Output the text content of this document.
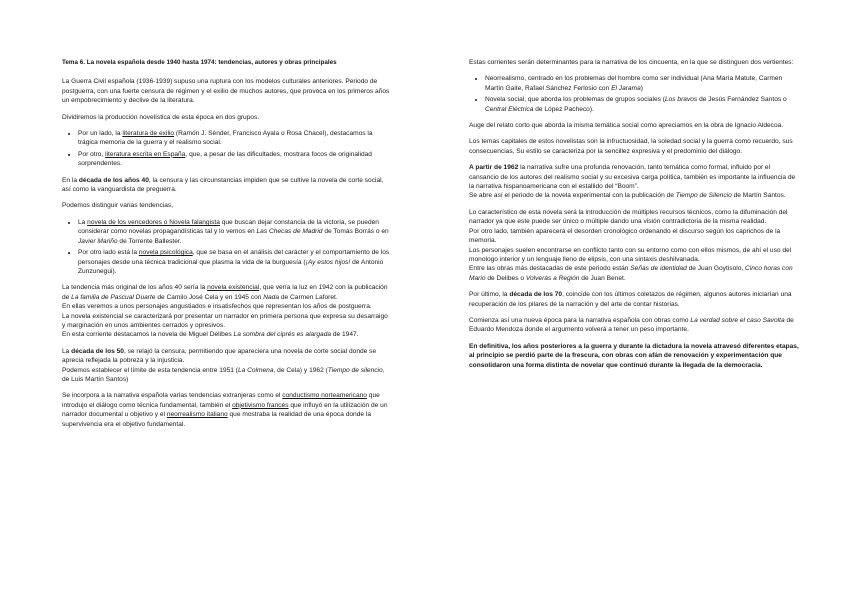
Tema 6. La novela española desde 1940 hasta 1974: tendencias, autores y obras principales

La Guerra Civil española (1936-1939) supuso una ruptura con los modelos culturales anteriores. Periodo de postguerra, con una fuerte censura de régimen y el exilio de muchos autores, que provoca en los primeros años un empobrecimiento y declive de la literatura.

Dividiremos la producción novelística de esta época en dos grupos.

• Por un lado, la literatura de exilio (Ramón J. Sénder, Francisco Ayala o Rosa Chacel), destacamos la trágica memoria de la guerra y el realismo social.
• Por otro, literatura escrita en España, que, a pesar de las dificultades, mostrara focos de originalidad sorprendentes.

En la década de los años 40, la censura y las circunstancias impiden que se cultive la novela de corte social, así como la vanguardista de preguerra.

Podemos distinguir varias tendencias,

• La novela de los vencedores o Novela falangista que buscan dejar constancia de la victoria, se pueden considerar como novelas propagandísticas tal y lo vemos en Las Checas de Madrid de Tomás Borrás o en Javier Mariño de Torrente Ballester.
• Por otro lado está la novela psicológica, que se basa en el análisis del carácter y el comportamiento de los personajes desde una técnica tradicional que plasma la vida de la burguesía (¡Ay estos hijos! de Antonio Zunzunegui).

La tendencia más original de los años 40 sería la novela existencial, que vería la luz en 1942 con la publicación de La familia de Pascual Duarte de Camilo José Cela y en 1945 con Nada de Carmen Laforet.

En ellas veremos a unos personajes angustiados e insatisfechos que representan los años de postguerra.

La novela existencial se caracterizará por presentar un narrador en primera persona que expresa su desarraigo y marginación en unos ambientes cerrados y opresivos.

En esta corriente destacamos la novela de Miguel Delibes La sombra del ciprés es alargada de 1947.

La década de los 50, se relajó la censura, permitiendo que apareciera una novela de corte social donde se aprecia reflejada la pobreza y la injusticia.

Podemos establecer el límite de esta tendencia entre 1951 (La Colmena, de Cela) y 1962 (Tiempo de silencio, de Luis Martín Santos)

Se incorpora a la narrativa española varias tendencias extranjeras como el conductismo norteamericano que introdujo el diálogo como técnica fundamental, también el objetivismo francés que influyó en la utilización de un narrador documental u objetivo y el neorrealismo italiano que mostraba la realidad de una época donde la supervivencia era el objetivo fundamental.

Estas corrientes serán determinantes para la narrativa de los cincuenta, en la que se distinguen dos vertientes:

• Neorrealismo, centrado en los problemas del hombre como ser individual (Ana María Matute, Carmen Martín Gaite, Rafael Sánchez Ferlosio con El Jarama)
• Novela social, que aborda los problemas de grupos sociales (Los bravos de Jesús Fernández Santos o Central Eléctrica de López Pacheco).

Auge del relato corto que aborda la misma temática social como apreciamos en la obra de Ignacio Aldecoa.

Los temas capitales de estos novelistas son la infructuosidad, la soledad social y la guerra como recuerdo, sus consecuencias, Su estilo se caracteriza por la sencillez expresiva y el predominio del diálogo.

A partir de 1962 la narrativa sufre una profunda renovación, tanto temática como formal, influido por el cansancio de los autores del realismo social y su excesiva carga política, también es importante la influencia de la narrativa hispanoamericana con el estallido del “Boom”.

Se abre así el periodo de la novela experimental con la publicación de Tiempo de Silencio de Martín Santos.

Lo característico de esta novela será la introducción de múltiples recursos técnicos, como la difuminación del narrador ya que este puede ser único o múltiple dando una visión contradictoria de la misma realidad.

Por otro lado, también aparecerá el desorden cronológico ordenando el discurso según los caprichos de la memoria.

Los personajes suelen encontrarse en conflicto tanto con su entorno como con ellos mismos, de ahí el uso del monologo interior y un lenguaje lleno de elipsis, con una sintaxis deshilvanada.

Entre las obras más destacadas de este periodo están Señas de identidad de Juan Goytisolo, Cinco horas con Mario de Delibes o Volverás a Región de Juan Benet.

Por último, la década de los 70, coincide con los últimos coletazos de régimen, algunos autores iniciarían una recuperación de los pilares de la narración y del arte de contar historias.

Comienza así una nueva época para la narrativa española con obras como La verdad sobre el caso Savolta de Eduardo Mendoza donde el argumento volverá a tener un peso importante.

En definitiva, los años posteriores a la guerra y durante la dictadura la novela atravesó diferentes etapas, al principio se perdió parte de la frescura, con obras con afán de renovación y experimentación que consolidaron una forma distinta de novelar que continuó durante la llegada de la democracia.
